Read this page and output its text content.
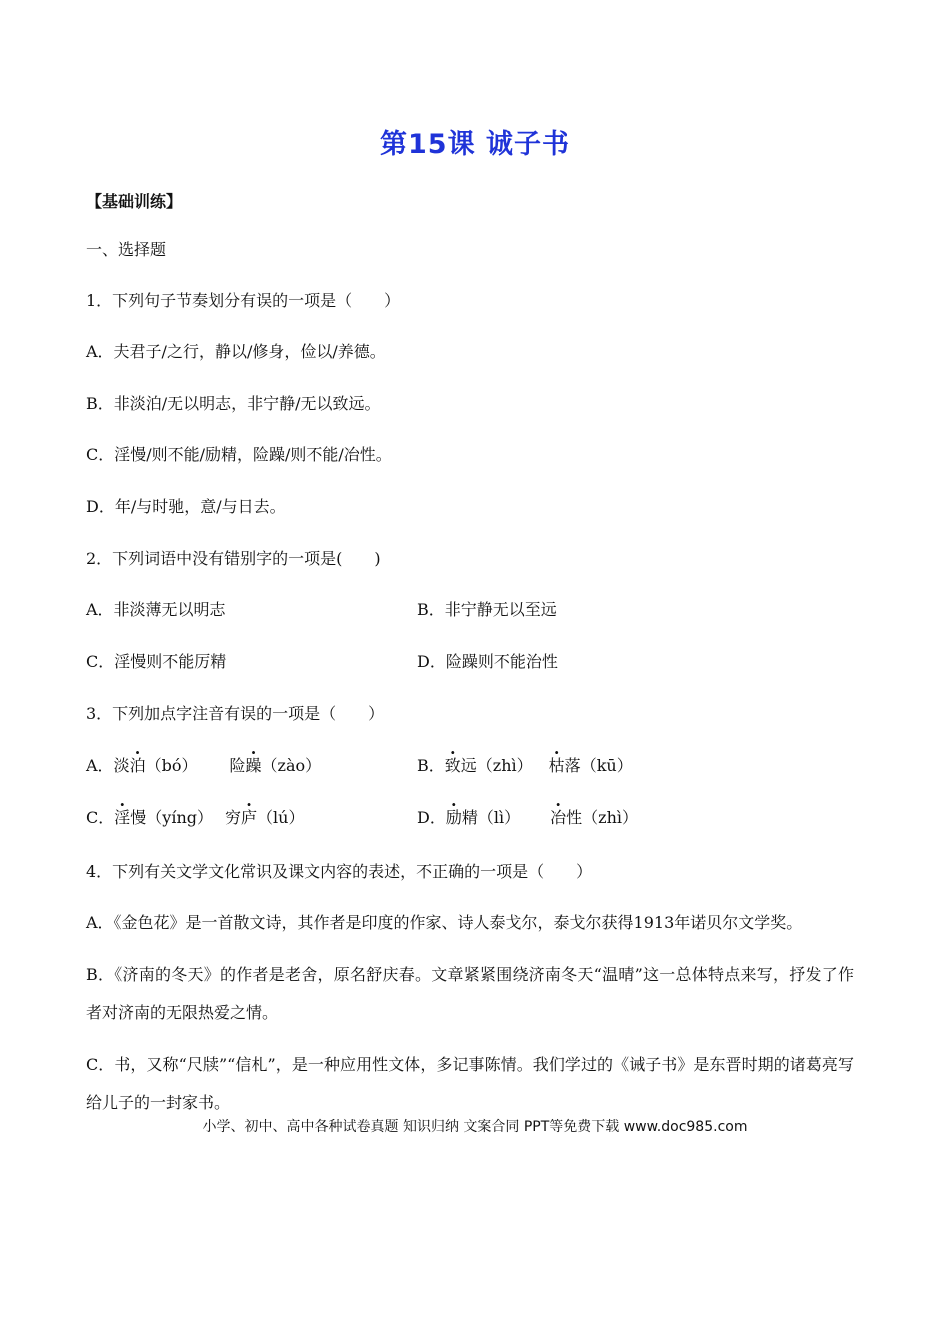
第15课 诚子书
【基础训练】
一、选择题
1．下列句子节奏划分有误的一项是（　　）
A．夫君子/之行，静以/修身，俭以/养德。
B．非淡泊/无以明志，非宁静/无以致远。
C．淫慢/则不能/励精，险躁/则不能/冶性。
D．年/与时驰，意/与日去。
2．下列词语中没有错别字的一项是(　　)
A．非淡薄无以明志	B．非宁静无以至远
C．淫慢则不能厉精	D．险躁则不能治性
3．下列加点字注音有误的一项是（　　）
A．淡泊（bó） 险躁（zào）	B．致远（zhì） 枯落（kū）
C．淫慢（yíng） 穷庐（lú）	D．励精（lì） 冶性（zhì）
4．下列有关文学文化常识及课文内容的表述，不正确的一项是（　　）
A．《金色花》是一首散文诗，其作者是印度的作家、诗人泰戈尔，泰戈尔获得1913年诺贝尔文学奖。
B．《济南的冬天》的作者是老舍，原名舒庆春。文章紧紧围绕济南冬天“温晴”这一总体特点来写，抒发了作者对济南的无限热爱之情。
C．书，又称“尺牍”“信札”，是一种应用性文体，多记事陈情。我们学过的《诫子书》是东晋时期的诸葛亮写给儿子的一封家书。
小学、初中、高中各种试卷真题 知识归纳 文案合同 PPT等免费下载 www.doc985.com
